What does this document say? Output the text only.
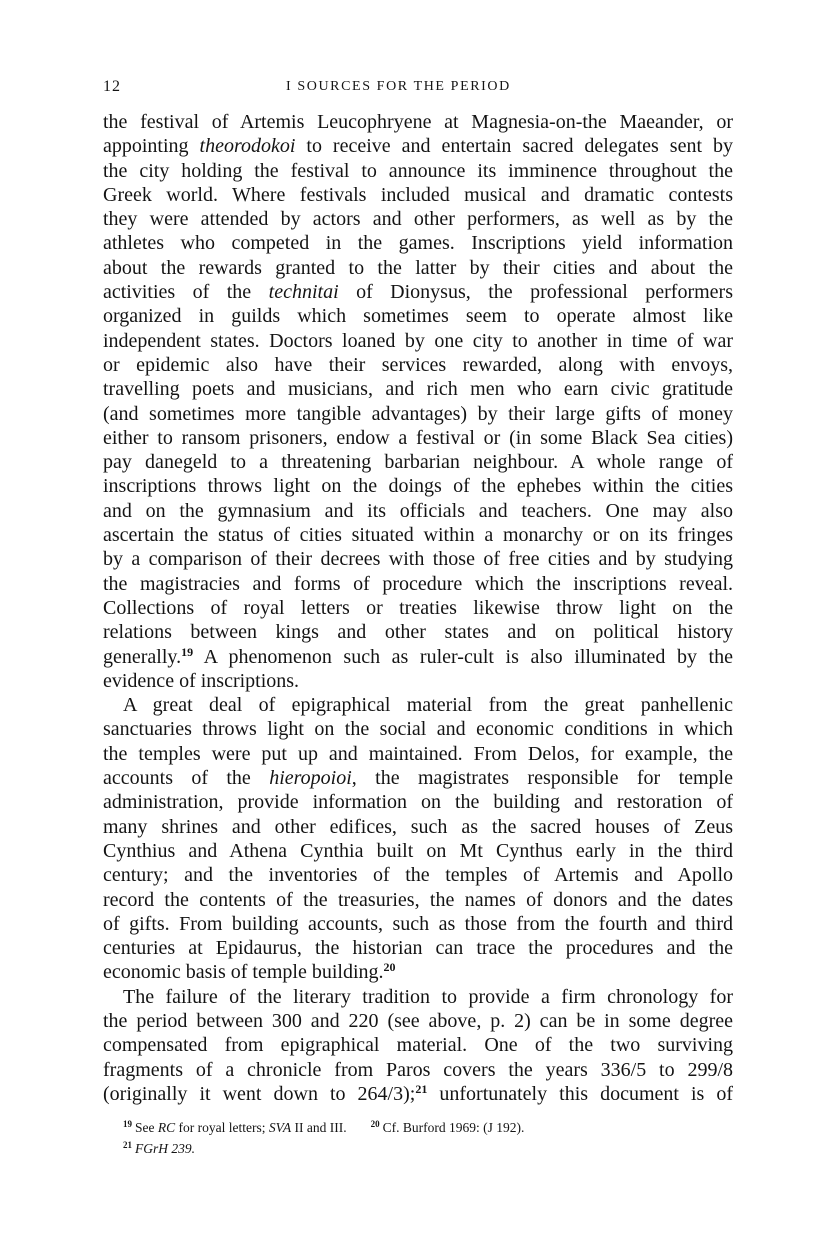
12	I SOURCES FOR THE PERIOD
the festival of Artemis Leucophryene at Magnesia-on-the Maeander, or
appointing theorodokoi to receive and entertain sacred delegates sent by
the city holding the festival to announce its imminence throughout the
Greek world. Where festivals included musical and dramatic contests
they were attended by actors and other performers, as well as by the
athletes who competed in the games. Inscriptions yield information
about the rewards granted to the latter by their cities and about the
activities of the technitai of Dionysus, the professional performers
organized in guilds which sometimes seem to operate almost like
independent states. Doctors loaned by one city to another in time of war
or epidemic also have their services rewarded, along with envoys,
travelling poets and musicians, and rich men who earn civic gratitude
(and sometimes more tangible advantages) by their large gifts of money
either to ransom prisoners, endow a festival or (in some Black Sea cities)
pay danegeld to a threatening barbarian neighbour. A whole range of
inscriptions throws light on the doings of the ephebes within the cities
and on the gymnasium and its officials and teachers. One may also
ascertain the status of cities situated within a monarchy or on its fringes
by a comparison of their decrees with those of free cities and by studying
the magistracies and forms of procedure which the inscriptions reveal.
Collections of royal letters or treaties likewise throw light on the
relations between kings and other states and on political history
generally.$^{19}$ A phenomenon such as ruler-cult is also illuminated by the
evidence of inscriptions.
A great deal of epigraphical material from the great panhellenic
sanctuaries throws light on the social and economic conditions in which
the temples were put up and maintained. From Delos, for example, the
accounts of the hieropoioi, the magistrates responsible for temple
administration, provide information on the building and restoration of
many shrines and other edifices, such as the sacred houses of Zeus
Cynthius and Athena Cynthia built on Mt Cynthus early in the third
century; and the inventories of the temples of Artemis and Apollo
record the contents of the treasuries, the names of donors and the dates
of gifts. From building accounts, such as those from the fourth and third
centuries at Epidaurus, the historian can trace the procedures and the
economic basis of temple building.$^{20}$
The failure of the literary tradition to provide a firm chronology for
the period between 300 and 220 (see above, p. 2) can be in some degree
compensated from epigraphical material. One of the two surviving
fragments of a chronicle from Paros covers the years 336/5 to 299/8
(originally it went down to 264/3);$^{21}$ unfortunately this document is of
$^{19}$ See RC for royal letters; SVA II and III.	$^{20}$ Cf. Burford 1969: (J 192).
$^{21}$ FGrH 239.
